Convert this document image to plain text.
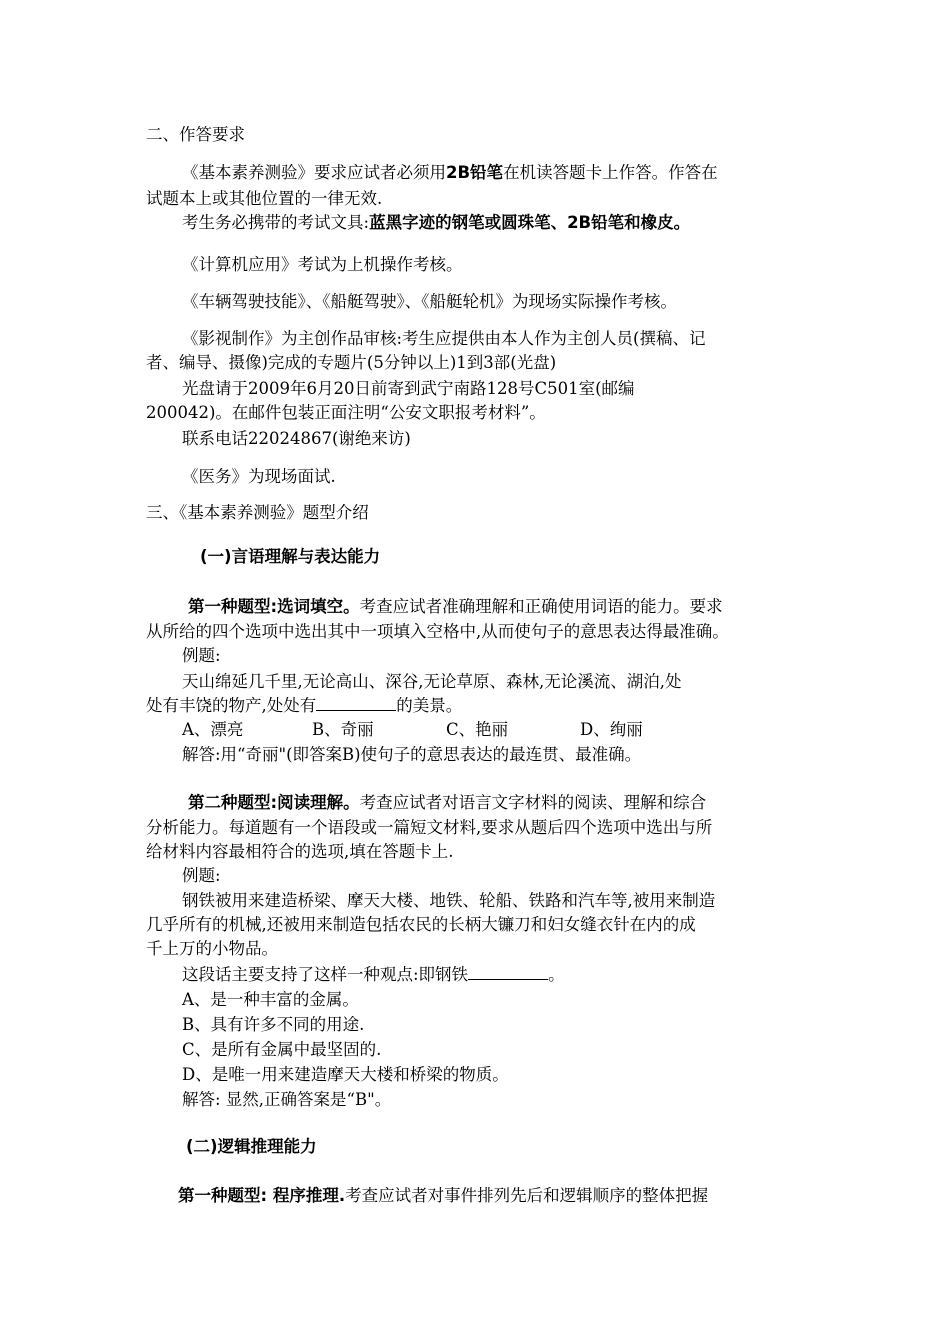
二、作答要求
《基本素养测验》要求应试者必须用2B铅笔在机读答题卡上作答。作答在
试题本上或其他位置的一律无效.
考生务必携带的考试文具:蓝黑字迹的钢笔或圆珠笔、2B铅笔和橡皮。
《计算机应用》考试为上机操作考核。
《车辆驾驶技能》、《船艇驾驶》、《船艇轮机》为现场实际操作考核。
《影视制作》为主创作品审核:考生应提供由本人作为主创人员(撰稿、记
者、编导、摄像)完成的专题片(5分钟以上)1到3部(光盘)
光盘请于2009年6月20日前寄到武宁南路128号C501室(邮编
200042)。在邮件包装正面注明“公安文职报考材料”。
联系电话22024867(谢绝来访)
《医务》为现场面试.
三、《基本素养测验》题型介绍
(一)言语理解与表达能力
第一种题型:选词填空。考查应试者准确理解和正确使用词语的能力。要求
从所给的四个选项中选出其中一项填入空格中,从而使句子的意思表达得最准确。
例题:
天山绵延几千里,无论高山、深谷,无论草原、森林,无论溪流、湖泊,处
处有丰饶的物产,处处有	的美景。
A、漂亮	B、奇丽	C、艳丽	D、绚丽
解答:用“奇丽"(即答案B)使句子的意思表达的最连贯、最准确。
第二种题型:阅读理解。考查应试者对语言文字材料的阅读、理解和综合
分析能力。每道题有一个语段或一篇短文材料,要求从题后四个选项中选出与所
给材料内容最相符合的选项,填在答题卡上.
例题:
钢铁被用来建造桥梁、摩天大楼、地铁、轮船、铁路和汽车等,被用来制造
几乎所有的机械,还被用来制造包括农民的长柄大镰刀和妇女缝衣针在内的成
千上万的小物品。
这段话主要支持了这样一种观点:即钢铁	。
A、是一种丰富的金属。
B、具有许多不同的用途.
C、是所有金属中最坚固的.
D、是唯一用来建造摩天大楼和桥梁的物质。
解答: 显然,正确答案是“B"。
(二)逻辑推理能力
第一种题型: 程序推理.考查应试者对事件排列先后和逻辑顺序的整体把握
